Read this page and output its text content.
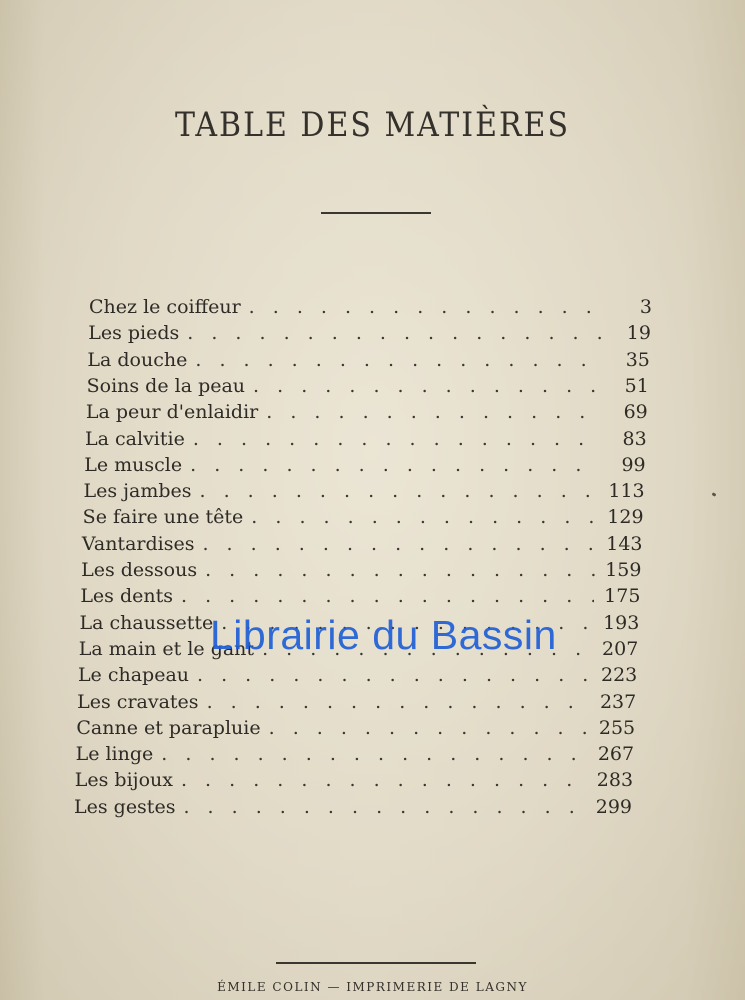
TABLE DES MATIÈRES
Chez le coiffeur . . .	3
Les pieds . . .	19
La douche . . .	35
Soins de la peau . . .	51
La peur d'enlaidir . . .	69
La calvitie . . .	83
Le muscle . . .	99
Les jambes . . .	113
Se faire une tête . . .	129
Vantardises . . .	143
Les dessous . . .	159
Les dents . . .	175
La chaussette . . .	193
La main et le gant . . .	207
Le chapeau . . .	223
Les cravates . . .	237
Canne et parapluie . . .	255
Le linge . . .	267
Les bijoux . . .	283
Les gestes . . .	299
Librairie du Bassin
ÉMILE COLIN — IMPRIMERIE DE LAGNY
